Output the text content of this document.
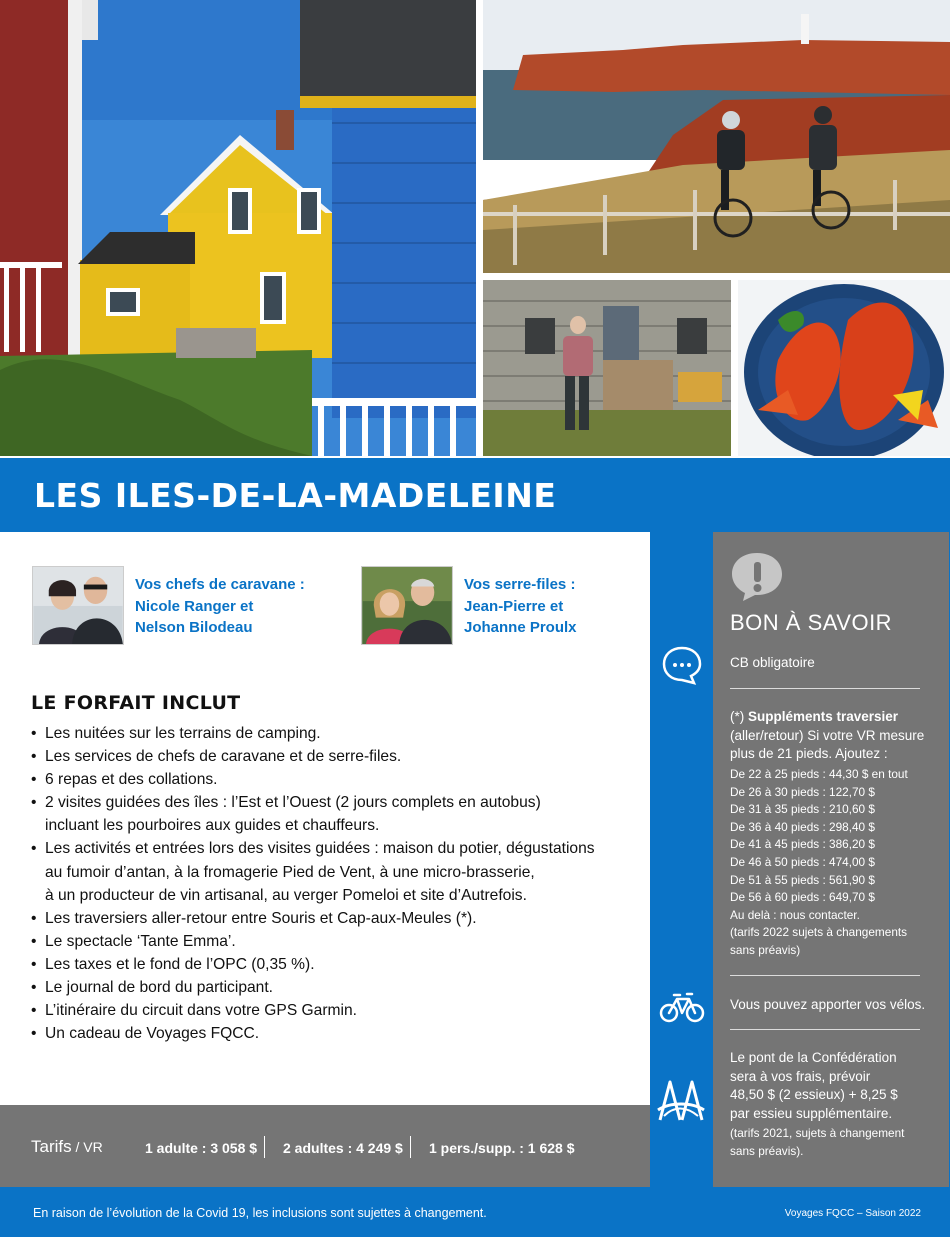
LES ILES-DE-LA-MADELEINE
Vos chefs de caravane :
Nicole Ranger et
Nelson Bilodeau
Vos serre-files :
Jean-Pierre et
Johanne Proulx
LE FORFAIT INCLUT
• Les nuitées sur les terrains de camping.
• Les services de chefs de caravane et de serre-files.
• 6 repas et des collations.
• 2 visites guidées des îles : l’Est et l’Ouest (2 jours complets en autobus)
incluant les pourboires aux guides et chauffeurs.
• Les activités et entrées lors des visites guidées : maison du potier, dégustations
au fumoir d’antan, à la fromagerie Pied de Vent, à une micro-brasserie,
à un producteur de vin artisanal, au verger Pomeloi et site d’Autrefois.
• Les traversiers aller-retour entre Souris et Cap-aux-Meules (*).
• Le spectacle ‘Tante Emma’.
• Les taxes et le fond de l’OPC (0,35 %).
• Le journal de bord du participant.
• L’itinéraire du circuit dans votre GPS Garmin.
• Un cadeau de Voyages FQCC.
Tarifs / VR	1 adulte : 3 058 $ 2 adultes : 4 249 $ 1 pers./supp. : 1 628 $
BON À SAVOIR
CB obligatoire
(*) Suppléments traversier
(aller/retour) Si votre VR mesure
plus de 21 pieds. Ajoutez :
De 22 à 25 pieds : 44,30 $ en tout
De 26 à 30 pieds : 122,70 $
De 31 à 35 pieds : 210,60 $
De 36 à 40 pieds : 298,40 $
De 41 à 45 pieds : 386,20 $
De 46 à 50 pieds : 474,00 $
De 51 à 55 pieds : 561,90 $
De 56 à 60 pieds : 649,70 $
Au delà : nous contacter.
(tarifs 2022 sujets à changements
sans préavis)
Vous pouvez apporter vos vélos.
Le pont de la Confédération
sera à vos frais, prévoir
48,50 $ (2 essieux) + 8,25 $
par essieu supplémentaire.
(tarifs 2021, sujets à changement
sans préavis).
En raison de l’évolution de la Covid 19, les inclusions sont sujettes à changement.	Voyages FQCC – Saison 2022
